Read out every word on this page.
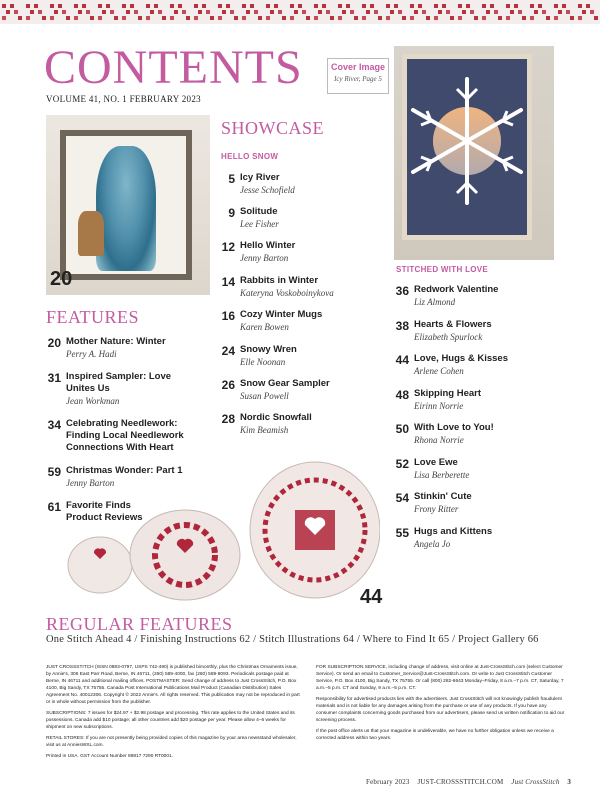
CONTENTS
VOLUME 41, NO. 1 FEBRUARY 2023
Cover Image
Icy River, Page 5
20
44
SHOWCASE
HELLO SNOW
5 Icy River
Jesse Schofield
9 Solitude
Lee Fisher
12 Hello Winter
Jenny Barton
14 Rabbits in Winter
Kateryna Voskoboinykova
16 Cozy Winter Mugs
Karen Bowen
24 Snowy Wren
Elle Noonan
26 Snow Gear Sampler
Susan Powell
28 Nordic Snowfall
Kim Beamish
STITCHED WITH LOVE
36 Redwork Valentine
Liz Almond
38 Hearts & Flowers
Elizabeth Spurlock
44 Love, Hugs & Kisses
Arlene Cohen
48 Skipping Heart
Eirinn Norrie
50 With Love to You!
Rhona Norrie
52 Love Ewe
Lisa Berberette
54 Stinkin' Cute
Frony Ritter
55 Hugs and Kittens
Angela Jo
FEATURES
20 Mother Nature: Winter
Perry A. Hadi
31 Inspired Sampler: Love
Unites Us
Jean Workman
34 Celebrating Needlework:
Finding Local Needlework
Connections With Heart
59 Christmas Wonder: Part 1
Jenny Barton
61 Favorite Finds
Product Reviews
REGULAR FEATURES
One Stitch Ahead 4 / Finishing Instructions 62 / Stitch Illustrations 64 / Where to Find It 65 / Project Gallery 66

JUST CROSSSTITCH (ISSN 0883-0797, USPS 742-490) is published bimonthly, plus the Christmas Ornaments issue, by Annie's, 306 East Parr Road, Berne, IN 46711, (260) 589-4000, fax (260) 589-8093. Periodicals postage paid at Berne, IN 46711 and additional mailing offices. POSTMASTER: Send change of address to Just CrossStitch, P.O. Box 4100, Big Sandy, TX 75755. Canada Post International Publications Mail Product (Canadian Distribution) Sales Agreement No. 40012306. Copyright © 2022 Annie's. All rights reserved. This publication may not be reproduced in part or in whole without permission from the publisher.

SUBSCRIPTIONS: 7 issues for $24.97 + $2.98 postage and processing. This rate applies to the United States and its possessions. Canada add $10 postage; all other countries add $20 postage per year. Please allow 4–6 weeks for shipment on new subscriptions.

RETAIL STORES: If you are not presently being provided copies of this magazine by your area newsstand wholesaler, visit us at AnniesWSL.com.

Printed in USA. GST Account Number 89817 7290 RT0001.

FOR SUBSCRIPTION SERVICE, including change of address, visit online at Just-CrossStitch.com (select Customer Service). Or send an email to Customer_Service@Just-CrossStitch.com. Or write to Just CrossStitch Customer Service, P.O. Box 4100, Big Sandy, TX 75755. Or call (800) 282-6643 Monday–Friday, 8 a.m.–7 p.m. CT, Saturday, 7 a.m.–5 p.m. CT and Sunday, 9 a.m.–5 p.m. CT.

Responsibility for advertised products lies with the advertisers. Just CrossStitch will not knowingly publish fraudulent materials and is not liable for any damages arising from the purchase or use of any products. If you have any consumer complaints concerning goods purchased from our advertisers, please send us written notification to aid our screening process.

If the post office alerts us that your magazine is undeliverable, we have no further obligation unless we receive a corrected address within two years.

February 2023 JUST-CROSSSTITCH.COM Just CrossStitch 3
